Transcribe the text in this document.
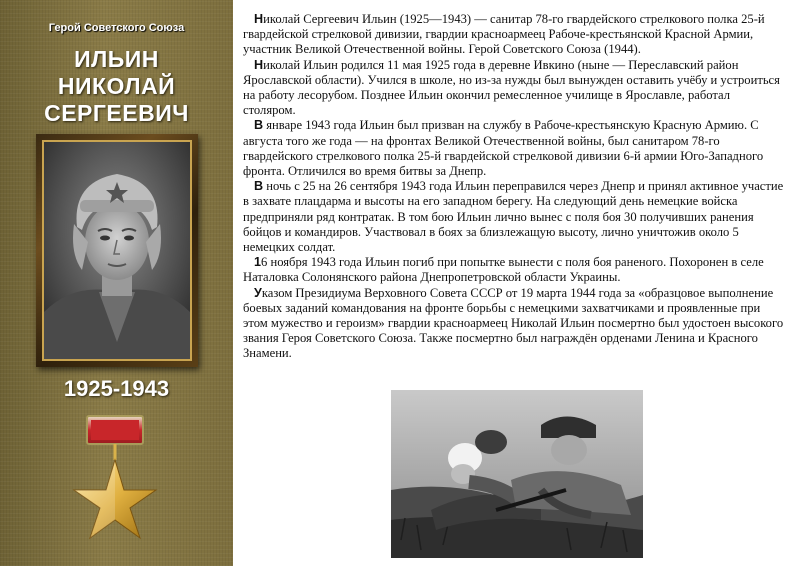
Герой Советского Союза
ИЛЬИН
НИКОЛАЙ
СЕРГЕЕВИЧ
1925-1943

Николай Сергеевич Ильин (1925—1943) — санитар 78-го гвардейского стрелкового полка 25-й гвардейской стрелковой дивизии, гвардии красноармеец Рабоче-крестьянской Красной Армии, участник Великой Отечественной войны. Герой Советского Союза (1944).

Николай Ильин родился 11 мая 1925 года в деревне Ивкино (ныне — Переславский район Ярославской области). Учился в школе, но из-за нужды был вынужден оставить учёбу и устроиться на работу лесорубом. Позднее Ильин окончил ремесленное училище в Ярославле, работал столяром.

В январе 1943 года Ильин был призван на службу в Рабоче-крестьянскую Красную Армию. С августа того же года — на фронтах Великой Отечественной войны, был санитаром 78-го гвардейского стрелкового полка 25-й гвардейской стрелковой дивизии 6-й армии Юго-Западного фронта. Отличился во время битвы за Днепр.

В ночь с 25 на 26 сентября 1943 года Ильин переправился через Днепр и принял активное участие в захвате плацдарма и высоты на его западном берегу. На следующий день немецкие войска предприняли ряд контратак. В том бою Ильин лично вынес с поля боя 30 получивших ранения бойцов и командиров. Участвовал в боях за близлежащую высоту, лично уничтожив около 5 немецких солдат.

16 ноября 1943 года Ильин погиб при попытке вынести с поля боя раненого. Похоронен в селе Наталовка Солонянского района Днепропетровской области Украины.

Указом Президиума Верховного Совета СССР от 19 марта 1944 года за «образцовое выполнение боевых заданий командования на фронте борьбы с немецкими захватчиками и проявленные при этом мужество и героизм» гвардии красноармеец Николай Ильин посмертно был удостоен высокого звания Героя Советского Союза. Также посмертно был награждён орденами Ленина и Красного Знамени.
